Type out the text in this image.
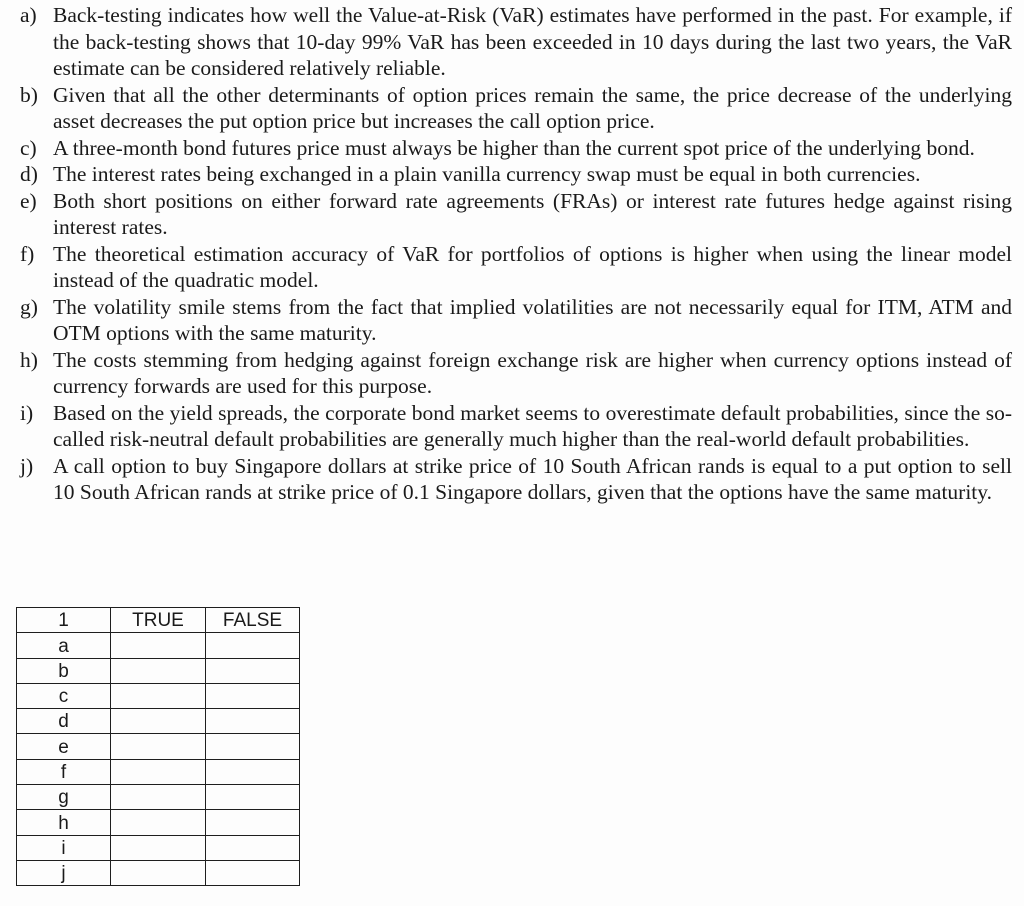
a) Back-testing indicates how well the Value-at-Risk (VaR) estimates have performed in the past. For example, if the back-testing shows that 10-day 99% VaR has been exceeded in 10 days during the last two years, the VaR estimate can be considered relatively reliable.
b) Given that all the other determinants of option prices remain the same, the price decrease of the underlying asset decreases the put option price but increases the call option price.
c) A three-month bond futures price must always be higher than the current spot price of the underlying bond.
d) The interest rates being exchanged in a plain vanilla currency swap must be equal in both currencies.
e) Both short positions on either forward rate agreements (FRAs) or interest rate futures hedge against rising interest rates.
f) The theoretical estimation accuracy of VaR for portfolios of options is higher when using the linear model instead of the quadratic model.
g) The volatility smile stems from the fact that implied volatilities are not necessarily equal for ITM, ATM and OTM options with the same maturity.
h) The costs stemming from hedging against foreign exchange risk are higher when currency options instead of currency forwards are used for this purpose.
i) Based on the yield spreads, the corporate bond market seems to overestimate default probabilities, since the so-called risk-neutral default probabilities are generally much higher than the real-world default probabilities.
j) A call option to buy Singapore dollars at strike price of 10 South African rands is equal to a put option to sell 10 South African rands at strike price of 0.1 Singapore dollars, given that the options have the same maturity.
1	TRUE	FALSE
a		
b		
c		
d		
e		
f		
g		
h		
i		
j		
